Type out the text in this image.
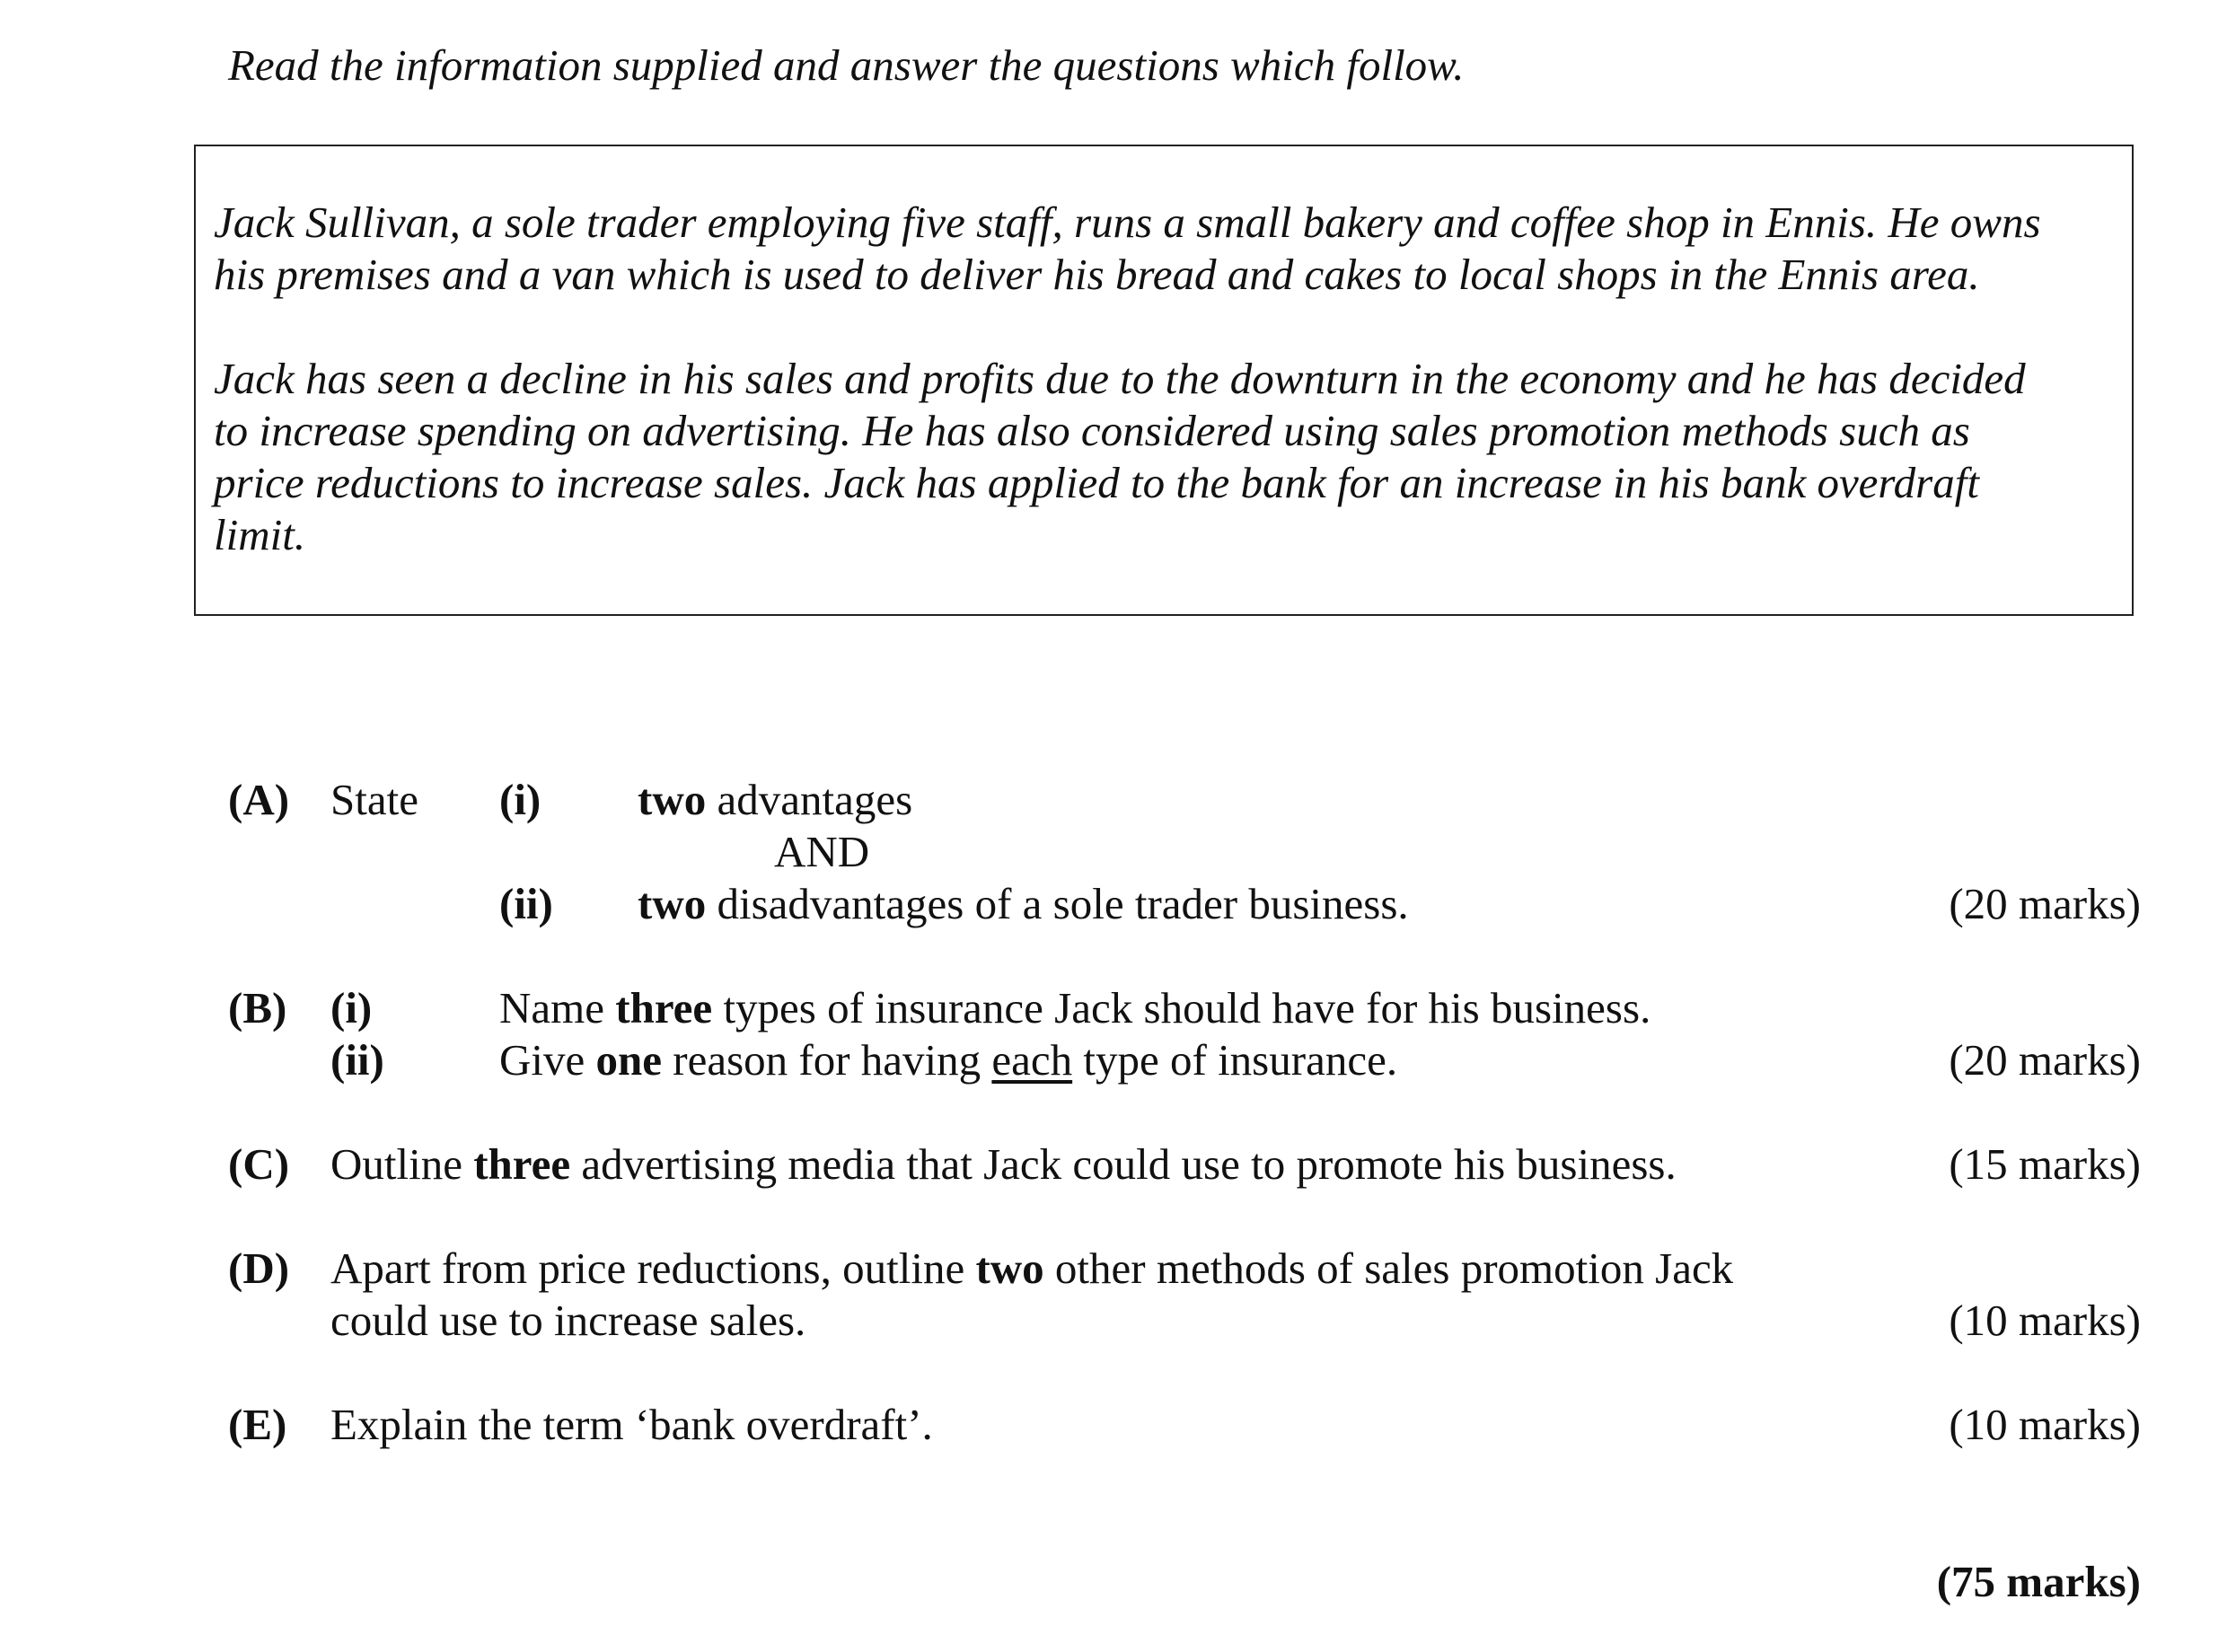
Read the information supplied and answer the questions which follow.
Jack Sullivan, a sole trader employing five staff, runs a small bakery and coffee shop in Ennis. He owns
his premises and a van which is used to deliver his bread and cakes to local shops in the Ennis area.
Jack has seen a decline in his sales and profits due to the downturn in the economy and he has decided
to increase spending on advertising. He has also considered using sales promotion methods such as
price reductions to increase sales. Jack has applied to the bank for an increase in his bank overdraft
limit.
(A) State (i) two advantages
AND
(ii) two disadvantages of a sole trader business.	(20 marks)
(B) (i)	Name three types of insurance Jack should have for his business.
(ii)	Give one reason for having each type of insurance.	(20 marks)
(C) Outline three advertising media that Jack could use to promote his business.	(15 marks)
(D) Apart from price reductions, outline two other methods of sales promotion Jack
could use to increase sales.	(10 marks)
(E) Explain the term ‘bank overdraft’.	(10 marks)
(75 marks)
